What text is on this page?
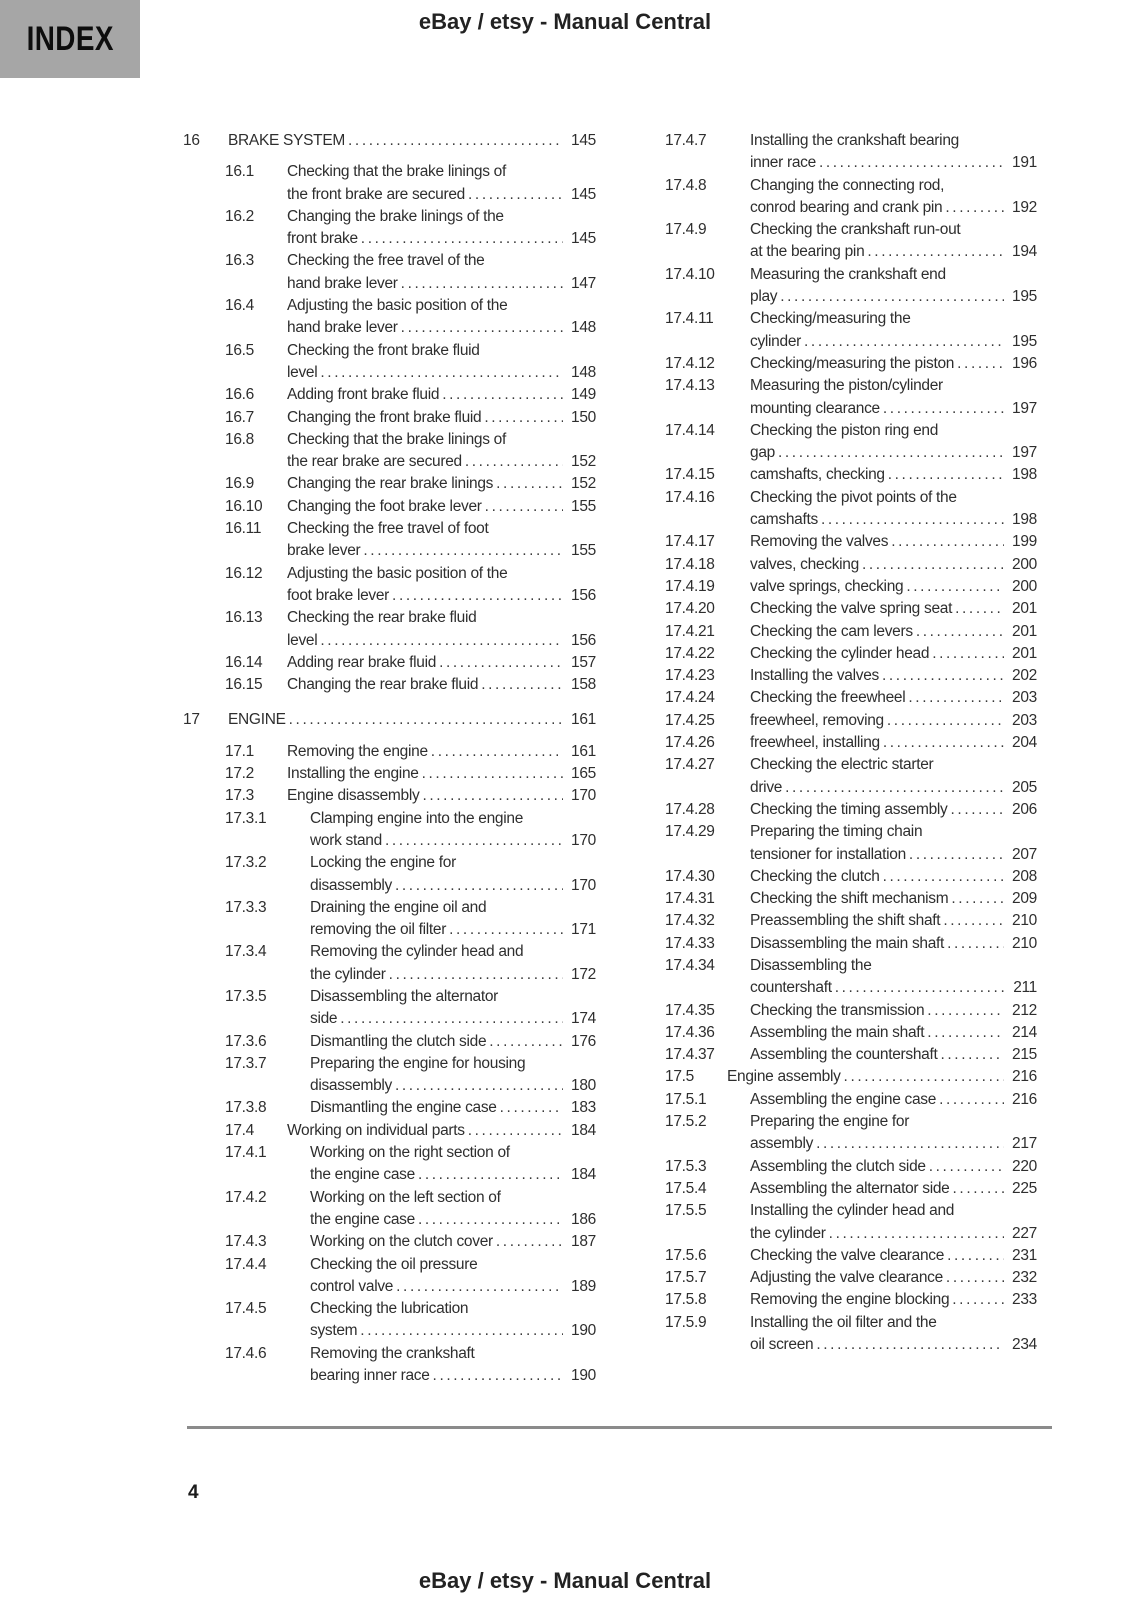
INDEX	eBay / etsy - Manual Central
16	BRAKE SYSTEM .....	145
16.1	Checking that the brake linings of
the front brake are secured .....	145
16.2	Changing the brake linings of the
front brake .....	145
16.3	Checking the free travel of the
hand brake lever .....	147
16.4	Adjusting the basic position of the
hand brake lever .....	148
16.5	Checking the front brake fluid
level .....	148
16.6	Adding front brake fluid .....	149
16.7	Changing the front brake fluid .....	150
16.8	Checking that the brake linings of
the rear brake are secured .....	152
16.9	Changing the rear brake linings .....	152
16.10	Changing the foot brake lever .....	155
16.11	Checking the free travel of foot
brake lever .....	155
16.12	Adjusting the basic position of the
foot brake lever .....	156
16.13	Checking the rear brake fluid
level .....	156
16.14	Adding rear brake fluid .....	157
16.15	Changing the rear brake fluid .....	158
17	ENGINE .....	161
17.1	Removing the engine .....	161
17.2	Installing the engine .....	165
17.3	Engine disassembly .....	170
17.3.1	Clamping engine into the engine
work stand .....	170
17.3.2	Locking the engine for
disassembly .....	170
17.3.3	Draining the engine oil and
removing the oil filter .....	171
17.3.4	Removing the cylinder head and
the cylinder .....	172
17.3.5	Disassembling the alternator
side .....	174
17.3.6	Dismantling the clutch side .....	176
17.3.7	Preparing the engine for housing
disassembly .....	180
17.3.8	Dismantling the engine case .....	183
17.4	Working on individual parts .....	184
17.4.1	Working on the right section of
the engine case .....	184
17.4.2	Working on the left section of
the engine case .....	186
17.4.3	Working on the clutch cover .....	187
17.4.4	Checking the oil pressure
control valve .....	189
17.4.5	Checking the lubrication
system .....	190
17.4.6	Removing the crankshaft
bearing inner race .....	190
17.4.7	Installing the crankshaft bearing
inner race .....	191
17.4.8	Changing the connecting rod,
conrod bearing and crank pin .....	192
17.4.9	Checking the crankshaft run-out
at the bearing pin .....	194
17.4.10	Measuring the crankshaft end
play .....	195
17.4.11	Checking/measuring the
cylinder .....	195
17.4.12	Checking/measuring the piston .....	196
17.4.13	Measuring the piston/cylinder
mounting clearance .....	197
17.4.14	Checking the piston ring end
gap .....	197
17.4.15	camshafts, checking .....	198
17.4.16	Checking the pivot points of the
camshafts .....	198
17.4.17	Removing the valves .....	199
17.4.18	valves, checking .....	200
17.4.19	valve springs, checking .....	200
17.4.20	Checking the valve spring seat .....	201
17.4.21	Checking the cam levers .....	201
17.4.22	Checking the cylinder head .....	201
17.4.23	Installing the valves .....	202
17.4.24	Checking the freewheel .....	203
17.4.25	freewheel, removing .....	203
17.4.26	freewheel, installing .....	204
17.4.27	Checking the electric starter
drive .....	205
17.4.28	Checking the timing assembly .....	206
17.4.29	Preparing the timing chain
tensioner for installation .....	207
17.4.30	Checking the clutch .....	208
17.4.31	Checking the shift mechanism .....	209
17.4.32	Preassembling the shift shaft .....	210
17.4.33	Disassembling the main shaft .....	210
17.4.34	Disassembling the
countershaft .....	211
17.4.35	Checking the transmission .....	212
17.4.36	Assembling the main shaft .....	214
17.4.37	Assembling the countershaft .....	215
17.5	Engine assembly .....	216
17.5.1	Assembling the engine case .....	216
17.5.2	Preparing the engine for
assembly .....	217
17.5.3	Assembling the clutch side .....	220
17.5.4	Assembling the alternator side .....	225
17.5.5	Installing the cylinder head and
the cylinder .....	227
17.5.6	Checking the valve clearance .....	231
17.5.7	Adjusting the valve clearance .....	232
17.5.8	Removing the engine blocking .....	233
17.5.9	Installing the oil filter and the
oil screen .....	234
4
eBay / etsy - Manual Central
